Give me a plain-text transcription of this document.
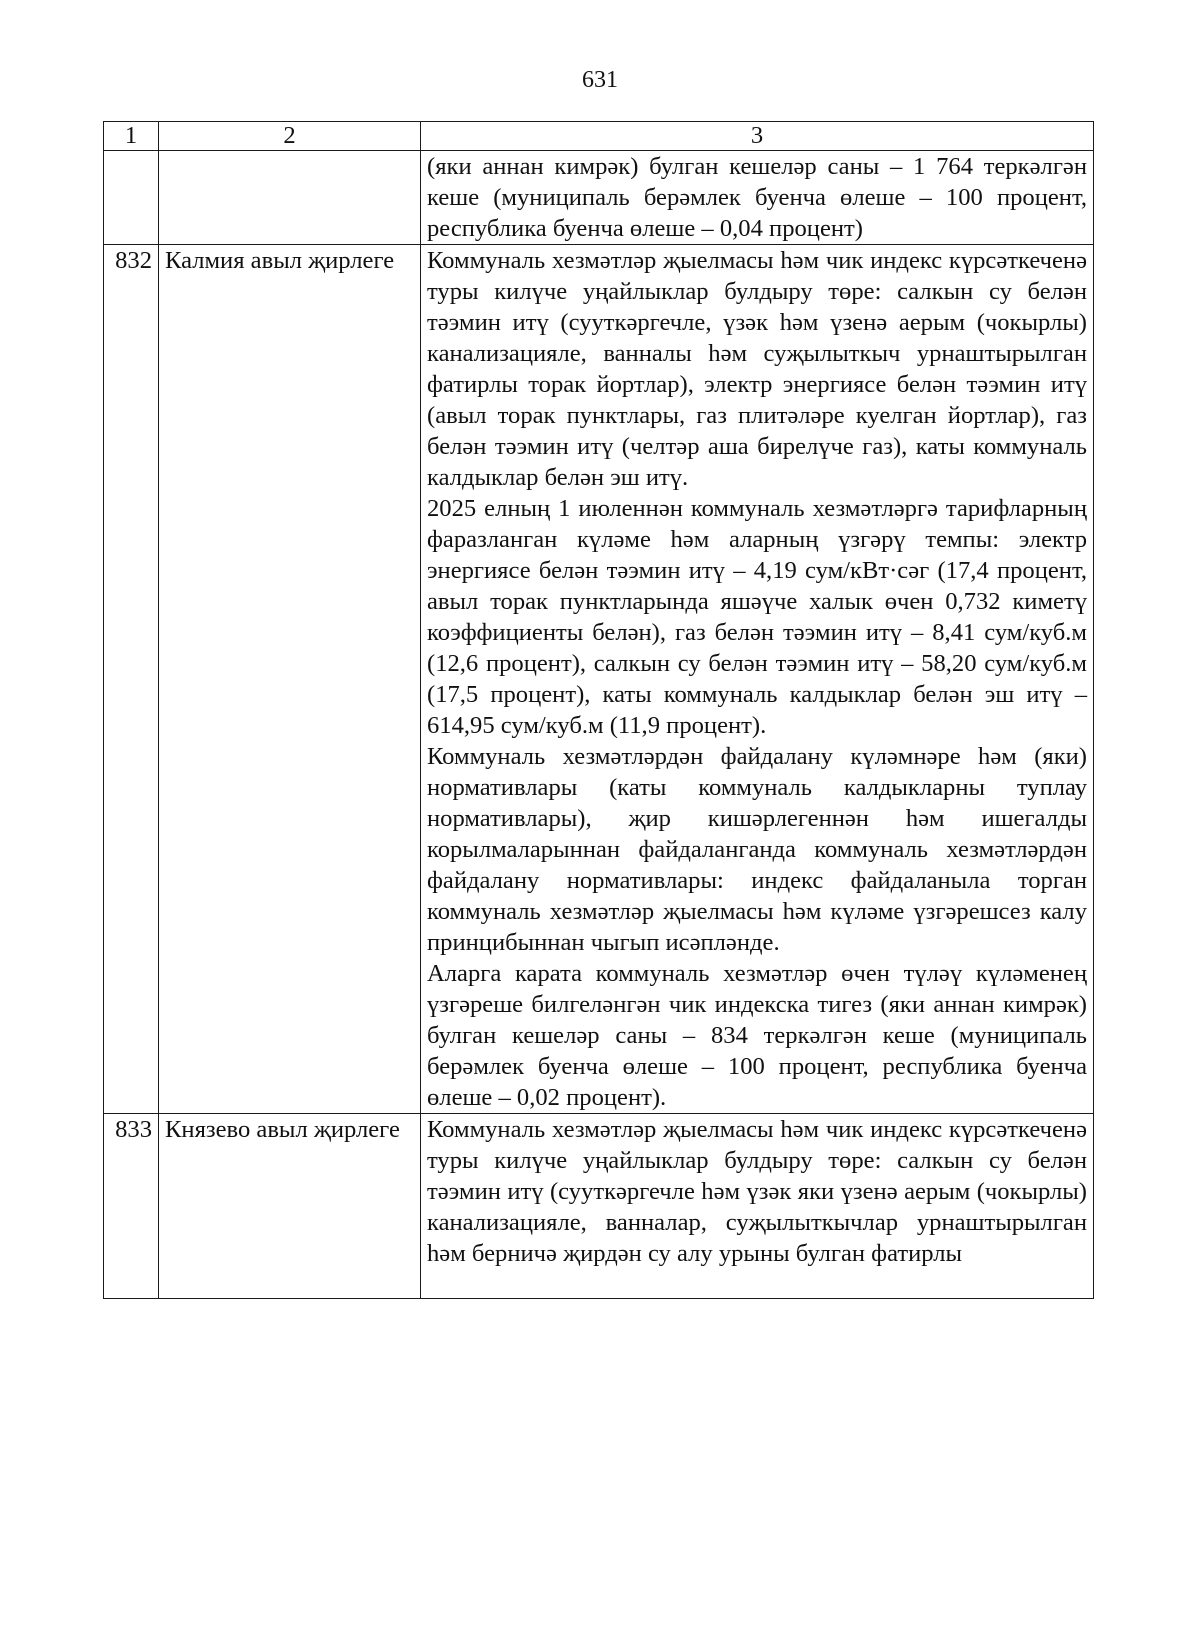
631
1	2	3

		(яки аннан кимрәк) булган кешеләр саны – 1 764 теркәлгән кеше (муниципаль берәмлек буенча өлеше – 100 процент, республика буенча өлеше – 0,04 процент)

832	Калмия авыл җирлеге	Коммуналь хезмәтләр җыелмасы һәм чик индекс күрсәткеченә туры килүче уңайлыклар булдыру төре: салкын су белән тәэмин итү (сууткәргечле, үзәк һәм үзенә аерым (чокырлы) канализацияле, ванналы һәм суҗылыткыч урнаштырылган фатирлы торак йортлар), электр энергиясе белән тәэмин итү (авыл торак пунктлары, газ плитәләре куелган йортлар), газ белән тәэмин итү (челтәр аша бирелүче газ), каты коммуналь калдыклар белән эш итү.

2025 елның 1 июленнән коммуналь хезмәтләргә тарифларның фаразланган күләме һәм аларның үзгәрү темпы: электр энергиясе белән тәэмин итү – 4,19 сум/кВт·сәг (17,4 процент, авыл торак пунктларында яшәүче халык өчен 0,732 киметү коэффициенты белән), газ белән тәэмин итү – 8,41 сум/куб.м (12,6 процент), салкын су белән тәэмин итү – 58,20 сум/куб.м (17,5 процент), каты коммуналь калдыклар белән эш итү – 614,95 сум/куб.м (11,9 процент).

Коммуналь хезмәтләрдән файдалану күләмнәре һәм (яки) нормативлары (каты коммуналь калдыкларны туплау нормативлары), җир кишәрлегеннән һәм ишегалды корылмаларыннан файдаланганда коммуналь хезмәтләрдән файдалану нормативлары: индекс файдаланыла торган коммуналь хезмәтләр җыелмасы һәм күләме үзгәрешсез калу принцибыннан чыгып исәпләнде.

Аларга карата коммуналь хезмәтләр өчен түләү күләменең үзгәреше билгеләнгән чик индекска тигез (яки аннан кимрәк) булган кешеләр саны – 834 теркәлгән кеше (муниципаль берәмлек буенча өлеше – 100 процент, республика буенча өлеше – 0,02 процент).

833	Князево авыл җирлеге	Коммуналь хезмәтләр җыелмасы һәм чик индекс күрсәткеченә туры килүче уңайлыклар булдыру төре: салкын су белән тәэмин итү (сууткәргечле һәм үзәк яки үзенә аерым (чокырлы) канализацияле, ванналар, суҗылыткычлар урнаштырылган һәм берничә җирдән су алу урыны булган фатирлы
